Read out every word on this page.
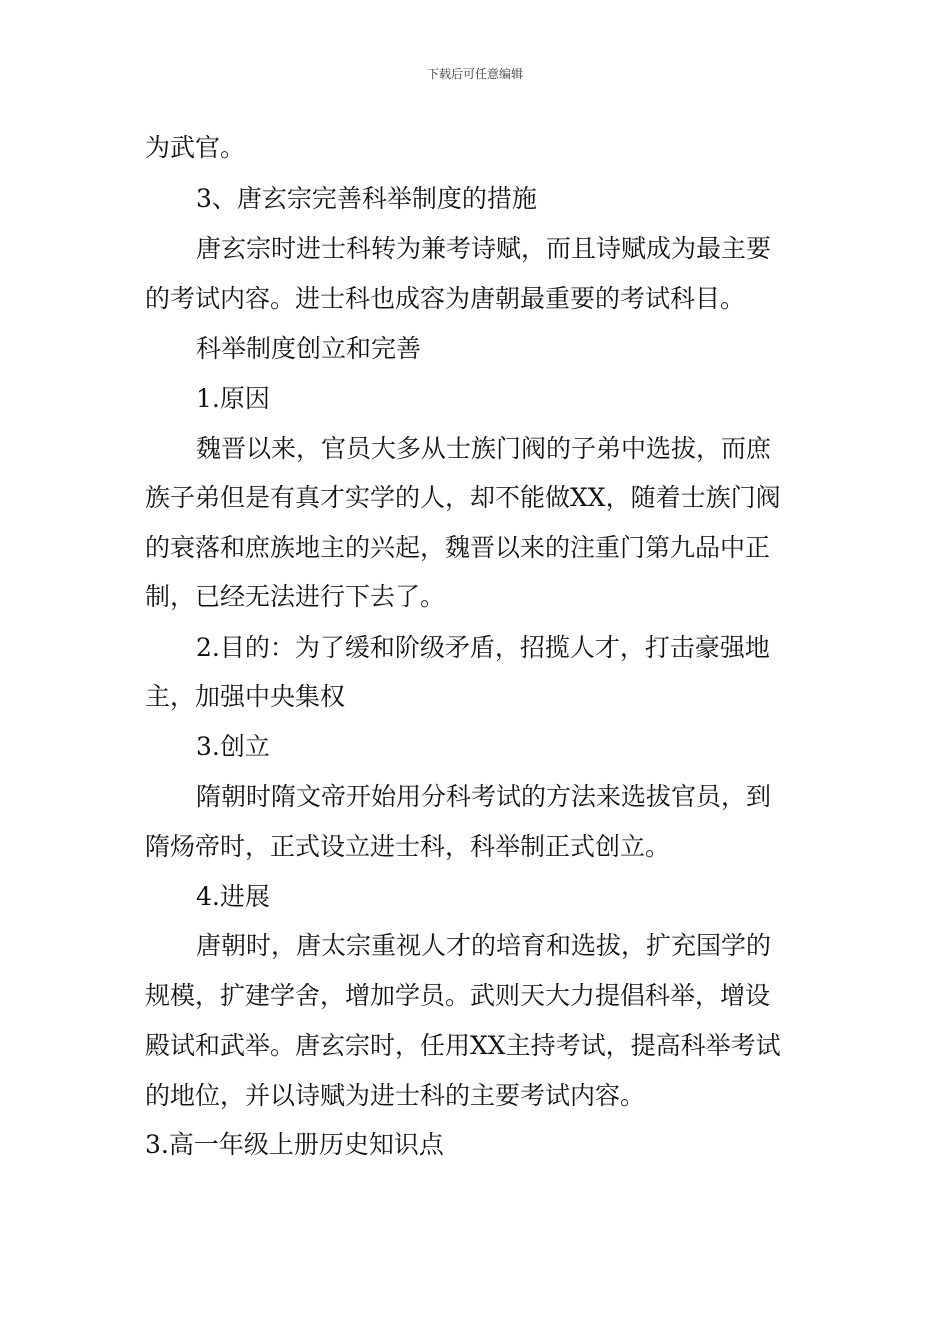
下载后可任意编辑
为武官。
3、唐玄宗完善科举制度的措施
唐玄宗时进士科转为兼考诗赋，而且诗赋成为最主要
的考试内容。进士科也成容为唐朝最重要的考试科目。
科举制度创立和完善
1.原因
魏晋以来，官员大多从士族门阀的子弟中选拔，而庶
族子弟但是有真才实学的人，却不能做XX，随着士族门阀
的衰落和庶族地主的兴起，魏晋以来的注重门第九品中正
制，已经无法进行下去了。
2.目的：为了缓和阶级矛盾，招揽人才，打击豪强地
主，加强中央集权
3.创立
隋朝时隋文帝开始用分科考试的方法来选拔官员，到
隋炀帝时，正式设立进士科，科举制正式创立。
4.进展
唐朝时，唐太宗重视人才的培育和选拔，扩充国学的
规模，扩建学舍，增加学员。武则天大力提倡科举，增设
殿试和武举。唐玄宗时，任用XX主持考试，提高科举考试
的地位，并以诗赋为进士科的主要考试内容。
3.高一年级上册历史知识点
